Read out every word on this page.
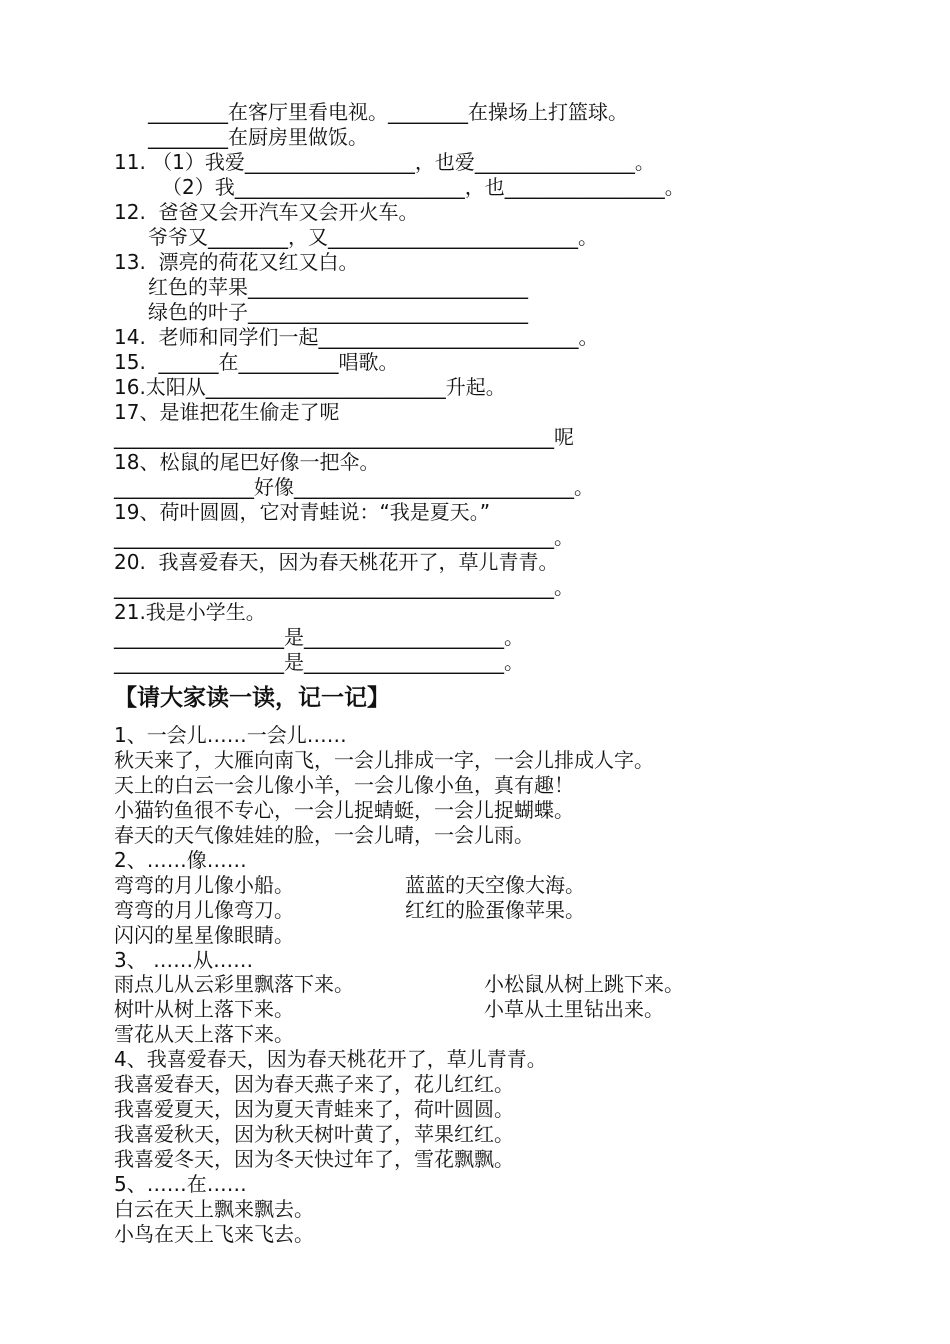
________在客厅里看电视。________在操场上打篮球。
________在厨房里做饭。
11. （1）我爱_________________，也爱________________。
（2）我_______________________，也________________。
12.  爸爸又会开汽车又会开火车。
爷爷又________，又_________________________。
13.  漂亮的荷花又红又白。
红色的苹果____________________________
绿色的叶子____________________________
14.  老师和同学们一起__________________________。
15.  ______在__________唱歌。
16.太阳从________________________升起。
17、是谁把花生偷走了呢
____________________________________________呢
18、松鼠的尾巴好像一把伞。
______________好像____________________________。
19、荷叶圆圆，它对青蛙说：“我是夏天。”
____________________________________________。
20.  我喜爱春天，因为春天桃花开了，草儿青青。
____________________________________________。
21.我是小学生。
_________________是____________________。
_________________是____________________。
【请大家读一读，记一记】
1、一会儿……一会儿……
秋天来了，大雁向南飞，一会儿排成一字，一会儿排成人字。
天上的白云一会儿像小羊，一会儿像小鱼，真有趣！
小猫钓鱼很不专心，一会儿捉蜻蜓，一会儿捉蝴蝶。
春天的天气像娃娃的脸，一会儿晴，一会儿雨。
2、……像……
弯弯的月儿像小船。	蓝蓝的天空像大海。
弯弯的月儿像弯刀。	红红的脸蛋像苹果。
闪闪的星星像眼睛。
3、 ……从……
雨点儿从云彩里飘落下来。	小松鼠从树上跳下来。
树叶从树上落下来。	小草从土里钻出来。
雪花从天上落下来。
4、我喜爱春天，因为春天桃花开了，草儿青青。
我喜爱春天，因为春天燕子来了，花儿红红。
我喜爱夏天，因为夏天青蛙来了，荷叶圆圆。
我喜爱秋天，因为秋天树叶黄了，苹果红红。
我喜爱冬天，因为冬天快过年了，雪花飘飘。
5、……在……
白云在天上飘来飘去。
小鸟在天上飞来飞去。
